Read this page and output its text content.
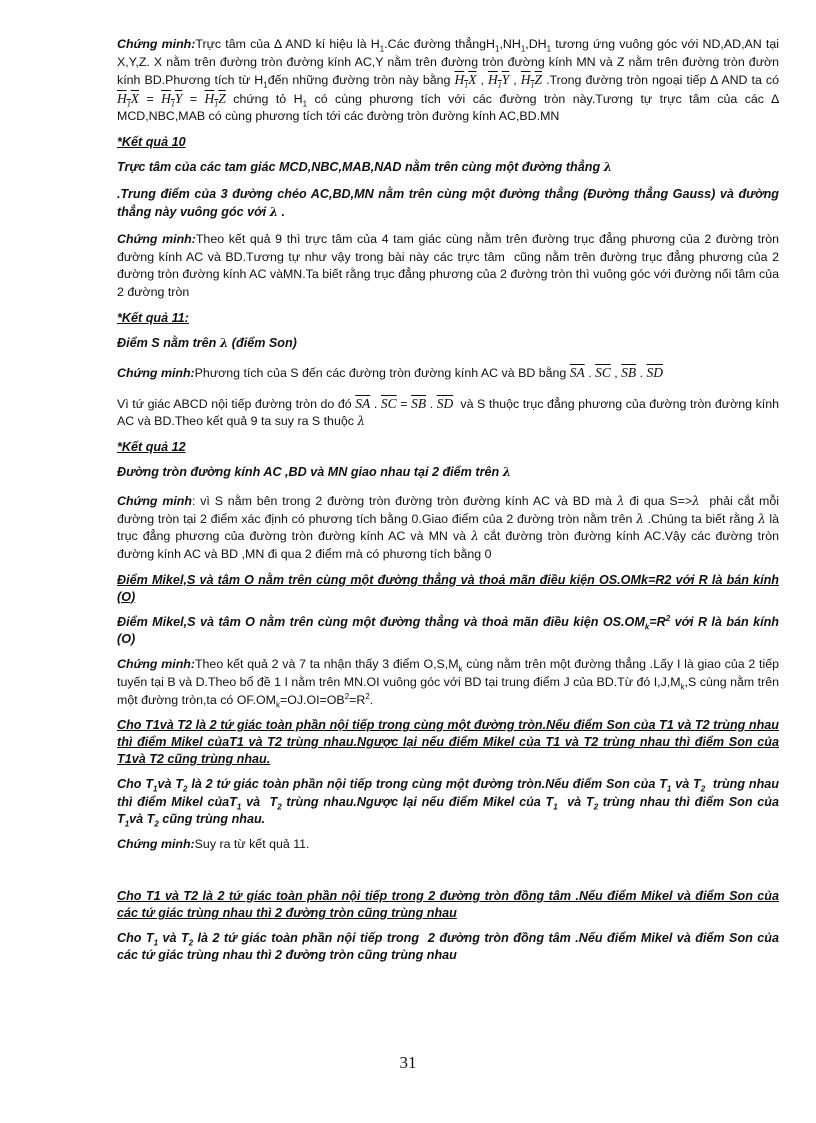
Chứng minh:Trực tâm của ∆ AND kí hiệu là $H_1.Các$ đường $thẳngH_1,NH_1,DH_1$ tương ứng vuông góc với ND,AD,AN tại X,Y,Z. X nằm trên đường tròn đường kính AC,Y nằm trên đường tròn đường kính MN và Z nằm trên đường tròn đườn kính BD.Phương tích từ $H_1đến$ những đường tròn này bằng $H_1X$ , $H_1Y$ , $H_1Z$ .Trong đường tròn ngoại tiếp ∆ AND ta có $H_1X = H_1Y = H_1Z$ chứng tỏ $H_1$ có cùng phương tích với các đường tròn này.Tương tự trực tâm của các ∆ MCD,NBC,MAB có cùng phương tích tới các đường tròn đường kính AC,BD.MN

*Kết quả 10

Trực tâm của các tam giác MCD,NBC,MAB,NAD nằm trên cùng một đường thẳng λ

.Trung điểm của 3 đường chéo AC,BD,MN nằm trên cùng một đường thẳng (Đường thẳng Gauss) và đường thẳng này vuông góc với λ .

Chứng minh:Theo kết quả 9 thì trực tâm của 4 tam giác cùng nằm trên đường trục đẳng phương của 2 đường tròn đường kính AC và BD.Tương tự như vậy trong bài này các trực tâm  cũng nằm trên đường trục đẳng phương của 2 đường tròn đường kính AC vàMN.Ta biết rằng trục đẳng phương của 2 đường tròn thì vuông góc với đường nối tâm của 2 đường tròn

*Kết quả 11:

Điểm S nằm trên λ (điểm Son)

Chứng minh:Phương tích của S đến các đường tròn đường kính AC và BD bằng $\overline{SA}$ . $\overline{SC}$ , $\overline{SB}$ . $\overline{SD}$

Vì tứ giác ABCD nội tiếp đường tròn do đó $\overline{SA}$ . $\overline{SC} = \overline{SB}$ . $\overline{SD}$  và S thuộc trục đẳng phương của đường tròn đường kính AC và BD.Theo kết quả 9 ta suy ra S thuộc λ

*Kết quả 12

Đường tròn đường kính AC ,BD và MN giao nhau tại 2 điểm trên λ

Chứng minh: vì S nằm bên trong 2 đường tròn đường tròn đường kính AC và BD mà λ đi qua S=>λ  phải cắt mỗi đường tròn tại 2 điểm xác định có phương tích bằng 0.Giao điểm của 2 đường tròn nằm trên λ .Chúng ta biết rằng λ là trục đẳng phương của đường tròn đường kính AC và MN và λ cắt đường tròn đường kính AC.Vậy các đường tròn đường kính AC và BD ,MN đi qua 2 điểm mà có phương tích bằng 0

Điểm Mikel,S và tâm O nằm trên cùng một đường thẳng và thoả mãn điều kiện OS.OMk=R2 với R là bán kính (O)

Điểm Mikel,S và tâm O nằm trên cùng một đường thẳng và thoả mãn điều kiện $OS.OM_k=R^2$ với R là bán kính (O)

Chứng minh:Theo kết quả 2 và 7 ta nhận thấy 3 điểm $O,S,M_k$ cùng nằm trên một đường thẳng .Lấy I là giao của 2 tiếp tuyến tại B và D.Theo bổ đề 1 I nằm trên MN.OI vuông góc với BD tại trung điểm J của BD.Từ đó $I,J,M_k,S$ cùng nằm trên một đường tròn,ta có $OF.OM_k=OJ.OI=OB^2=R^2$.

Cho T1và T2 là 2 tứ giác toàn phần nội tiếp trong cùng một đường tròn.Nếu điểm Son của T1 và T2 trùng nhau thì điểm Mikel củaT1 và T2 trùng nhau.Ngược lại nếu điểm Mikel của T1 và T2 trùng nhau thì điểm Son của T1và T2 cũng trùng nhau.

Cho $T_1và$ $T_2$ là 2 tứ giác toàn phần nội tiếp trong cùng một đường tròn.Nếu điểm Son của $T_1$ và $T_2$  trùng nhau thì điểm Mikel củaT$_1$ và  $T_2$ trùng nhau.Ngược lại nếu điểm Mikel của $T_1$  và $T_2$ trùng nhau thì điểm Son của $T_1và$ $T_2$ cũng trùng nhau.

Chứng minh:Suy ra từ kết quả 11.

Cho T1 và T2 là 2 tứ giác toàn phần nội tiếp trong 2 đường tròn đồng tâm .Nếu điểm Mikel và điểm Son của các tứ giác trùng nhau thì 2 đường tròn cũng trùng nhau

Cho $T_1$ và $T_2$ là 2 tứ giác toàn phần nội tiếp trong  2 đường tròn đồng tâm .Nếu điểm Mikel và điểm Son của các tứ giác trùng nhau thì 2 đường tròn cũng trùng nhau

31
